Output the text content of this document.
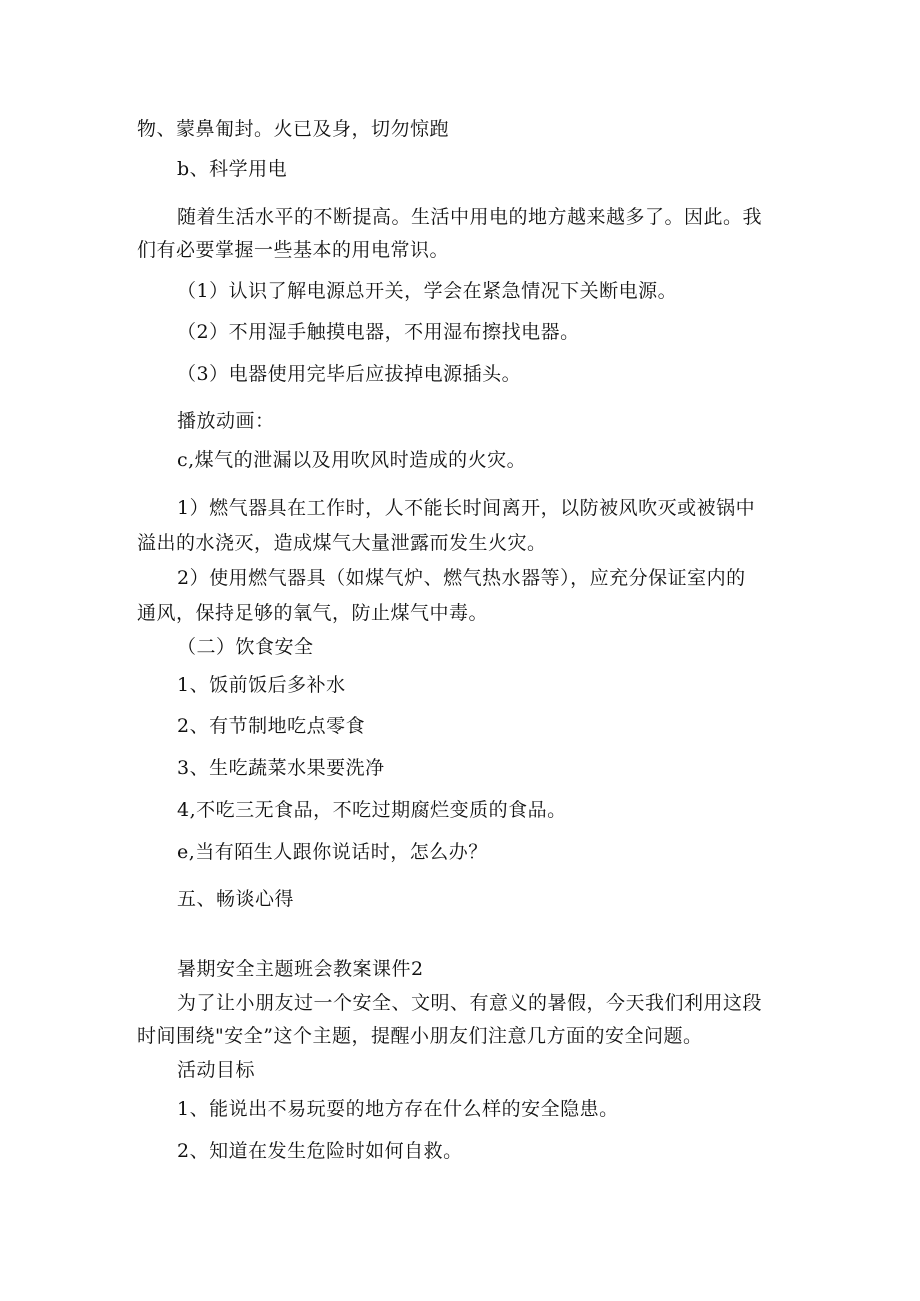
物、蒙鼻匍封。火已及身，切勿惊跑
b、科学用电
随着生活水平的不断提高。生活中用电的地方越来越多了。因此。我
们有必要掌握一些基本的用电常识。
（1）认识了解电源总开关，学会在紧急情况下关断电源。
（2）不用湿手触摸电器，不用湿布擦找电器。
（3）电器使用完毕后应拔掉电源插头。
播放动画：
c,煤气的泄漏以及用吹风时造成的火灾。
1）燃气器具在工作时，人不能长时间离开，以防被风吹灭或被锅中
溢出的水浇灭，造成煤气大量泄露而发生火灾。
2）使用燃气器具（如煤气炉、燃气热水器等），应充分保证室内的
通风，保持足够的氧气，防止煤气中毒。
（二）饮食安全
1、饭前饭后多补水
2、有节制地吃点零食
3、生吃蔬菜水果要洗净
4,不吃三无食品，不吃过期腐烂变质的食品。
e,当有陌生人跟你说话时，怎么办？
五、畅谈心得
暑期安全主题班会教案课件2
为了让小朋友过一个安全、文明、有意义的暑假，今天我们利用这段
时间围绕"安全”这个主题，提醒小朋友们注意几方面的安全问题。
活动目标
1、能说出不易玩耍的地方存在什么样的安全隐患。
2、知道在发生危险时如何自救。
